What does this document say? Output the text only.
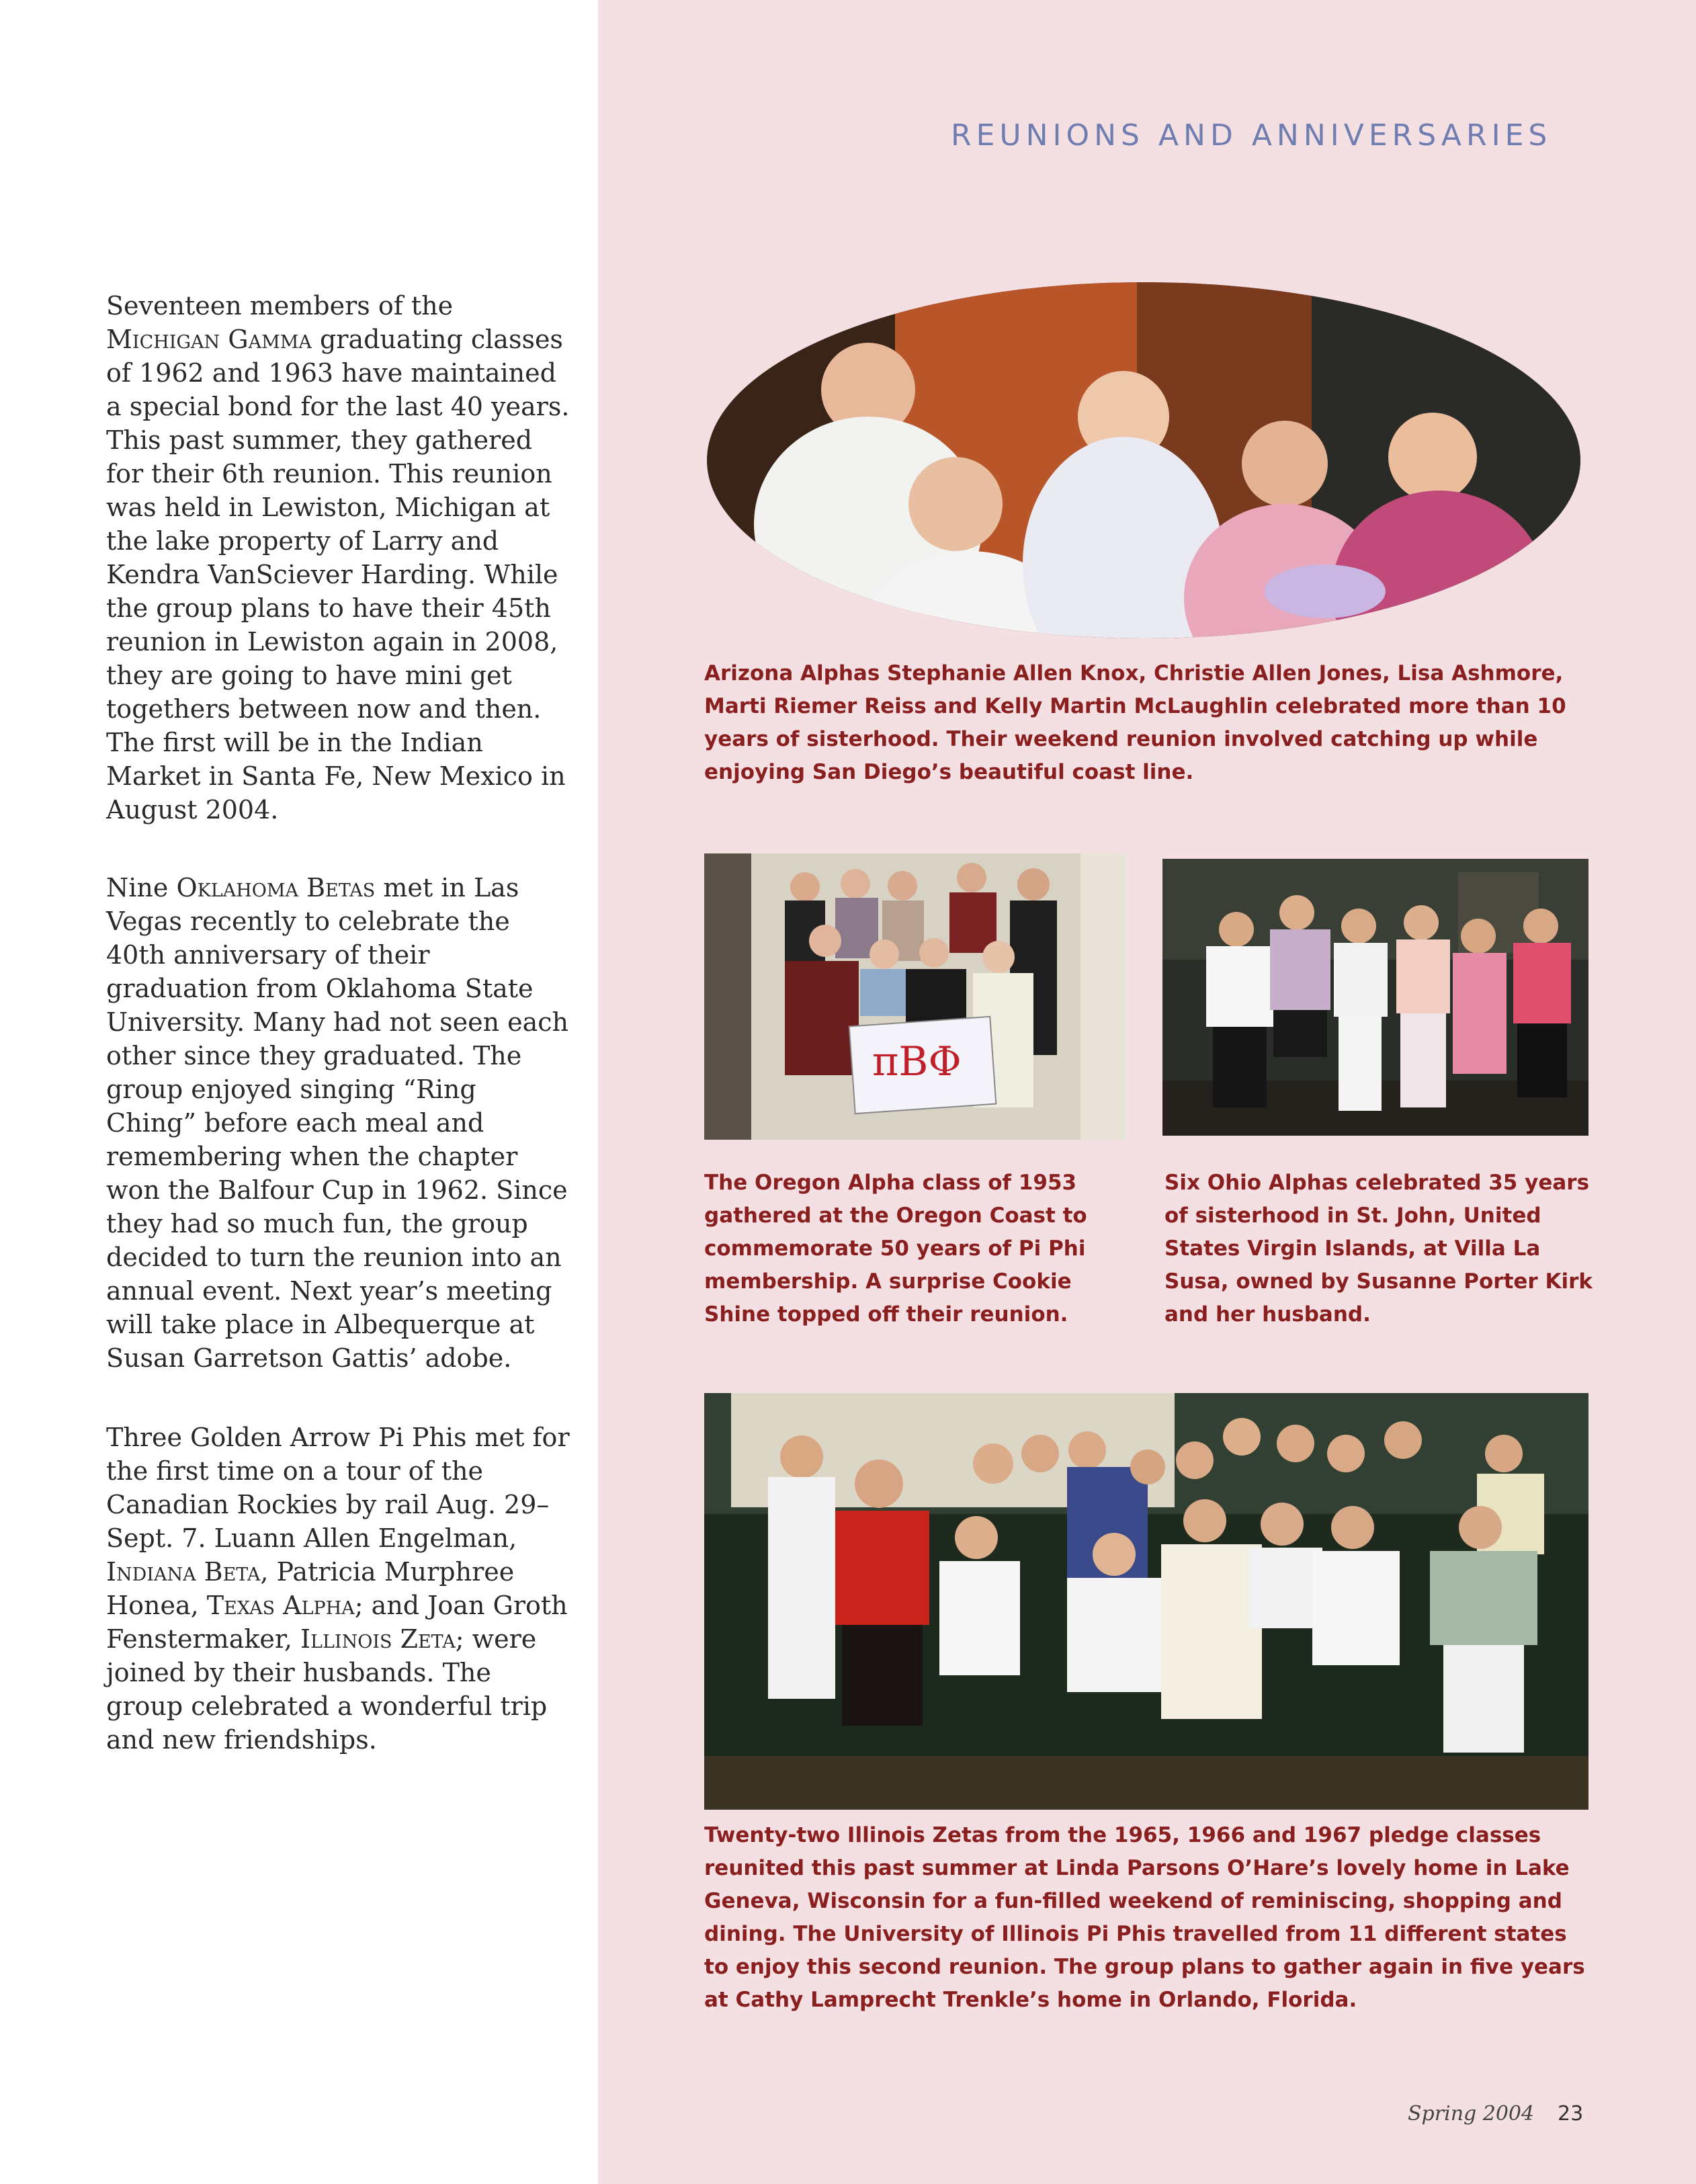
REUNIONS AND ANNIVERSARIES
Seventeen members of the Michigan Gamma graduating classes of 1962 and 1963 have maintained a special bond for the last 40 years. This past summer, they gathered for their 6th reunion. This reunion was held in Lewiston, Michigan at the lake property of Larry and Kendra VanSciever Harding. While the group plans to have their 45th reunion in Lewiston again in 2008, they are going to have mini get togethers between now and then. The first will be in the Indian Market in Santa Fe, New Mexico in August 2004.
Nine Oklahoma Betas met in Las Vegas recently to celebrate the 40th anniversary of their graduation from Oklahoma State University. Many had not seen each other since they graduated. The group enjoyed singing “Ring Ching” before each meal and remembering when the chapter won the Balfour Cup in 1962. Since they had so much fun, the group decided to turn the reunion into an annual event. Next year’s meeting will take place in Albequerque at Susan Garretson Gattis’ adobe.
Three Golden Arrow Pi Phis met for the first time on a tour of the Canadian Rockies by rail Aug. 29–Sept. 7. Luann Allen Engelman, Indiana Beta, Patricia Murphree Honea, Texas Alpha; and Joan Groth Fenstermaker, Illinois Zeta; were joined by their husbands. The group celebrated a wonderful trip and new friendships.
Arizona Alphas Stephanie Allen Knox, Christie Allen Jones, Lisa Ashmore, Marti Riemer Reiss and Kelly Martin McLaughlin celebrated more than 10 years of sisterhood. Their weekend reunion involved catching up while enjoying San Diego’s beautiful coast line.
πBΦ
The Oregon Alpha class of 1953 gathered at the Oregon Coast to commemorate 50 years of Pi Phi membership. A surprise Cookie Shine topped off their reunion.
Six Ohio Alphas celebrated 35 years of sisterhood in St. John, United States Virgin Islands, at Villa La Susa, owned by Susanne Porter Kirk and her husband.
Twenty-two Illinois Zetas from the 1965, 1966 and 1967 pledge classes reunited this past summer at Linda Parsons O’Hare’s lovely home in Lake Geneva, Wisconsin for a fun-filled weekend of reminiscing, shopping and dining. The University of Illinois Pi Phis travelled from 11 different states to enjoy this second reunion. The group plans to gather again in five years at Cathy Lamprecht Trenkle’s home in Orlando, Florida.
Spring 2004 23
